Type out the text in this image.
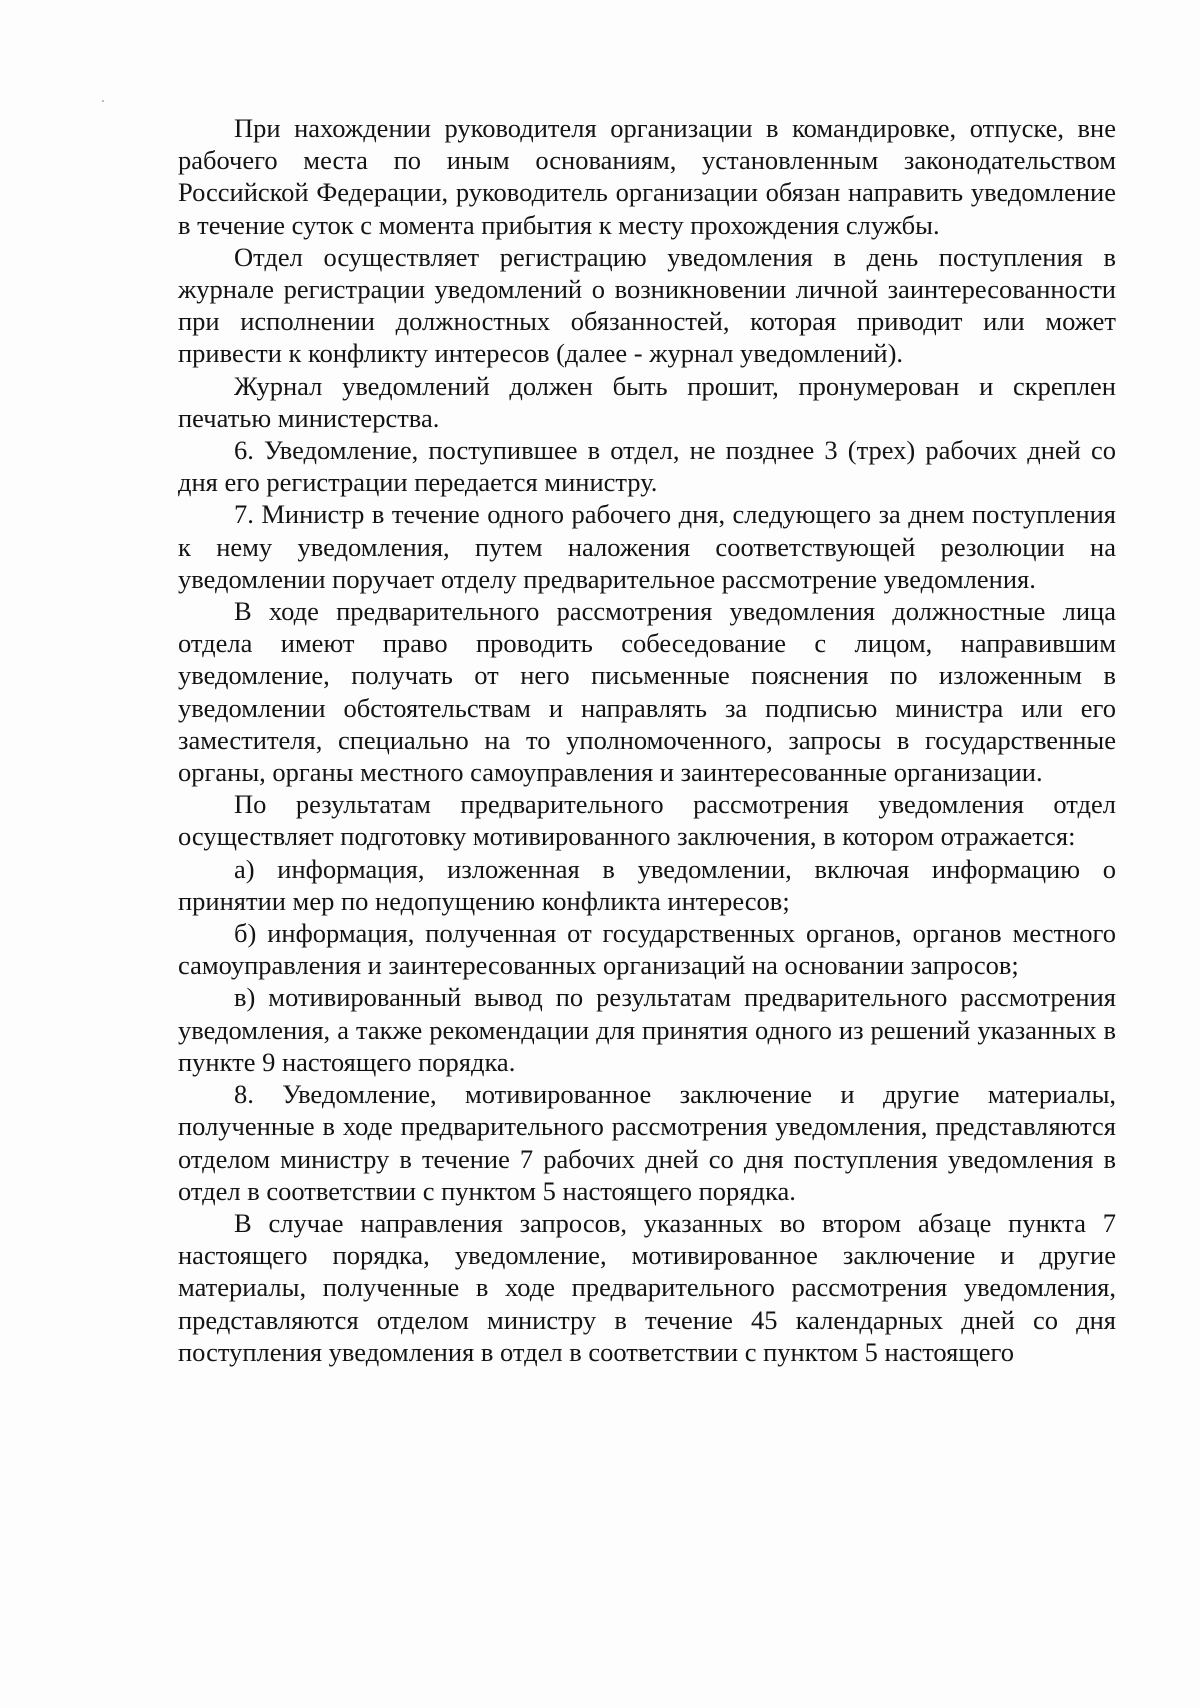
При нахождении руководителя организации в командировке, отпуске, вне рабочего места по иным основаниям, установленным законодательством Российской Федерации, руководитель организации обязан направить уведомление в течение суток с момента прибытия к месту прохождения службы.

Отдел осуществляет регистрацию уведомления в день поступления в журнале регистрации уведомлений о возникновении личной заинтересованности при исполнении должностных обязанностей, которая приводит или может привести к конфликту интересов (далее - журнал уведомлений).

Журнал уведомлений должен быть прошит, пронумерован и скреплен печатью министерства.

6. Уведомление, поступившее в отдел, не позднее 3 (трех) рабочих дней со дня его регистрации передается министру.

7. Министр в течение одного рабочего дня, следующего за днем поступления к нему уведомления, путем наложения соответствующей резолюции на уведомлении поручает отделу предварительное рассмотрение уведомления.

В ходе предварительного рассмотрения уведомления должностные лица отдела имеют право проводить собеседование с лицом, направившим уведомление, получать от него письменные пояснения по изложенным в уведомлении обстоятельствам и направлять за подписью министра или его заместителя, специально на то уполномоченного, запросы в государственные органы, органы местного самоуправления и заинтересованные организации.

По результатам предварительного рассмотрения уведомления отдел осуществляет подготовку мотивированного заключения, в котором отражается:

а) информация, изложенная в уведомлении, включая информацию о принятии мер по недопущению конфликта интересов;

б) информация, полученная от государственных органов, органов местного самоуправления и заинтересованных организаций на основании запросов;

в) мотивированный вывод по результатам предварительного рассмотрения уведомления, а также рекомендации для принятия одного из решений указанных в пункте 9 настоящего порядка.

8. Уведомление, мотивированное заключение и другие материалы, полученные в ходе предварительного рассмотрения уведомления, представляются отделом министру в течение 7 рабочих дней со дня поступления уведомления в отдел в соответствии с пунктом 5 настоящего порядка.

В случае направления запросов, указанных во втором абзаце пункта 7 настоящего порядка, уведомление, мотивированное заключение и другие материалы, полученные в ходе предварительного рассмотрения уведомления, представляются отделом министру в течение 45 календарных дней со дня поступления уведомления в отдел в соответствии с пунктом 5 настоящего
